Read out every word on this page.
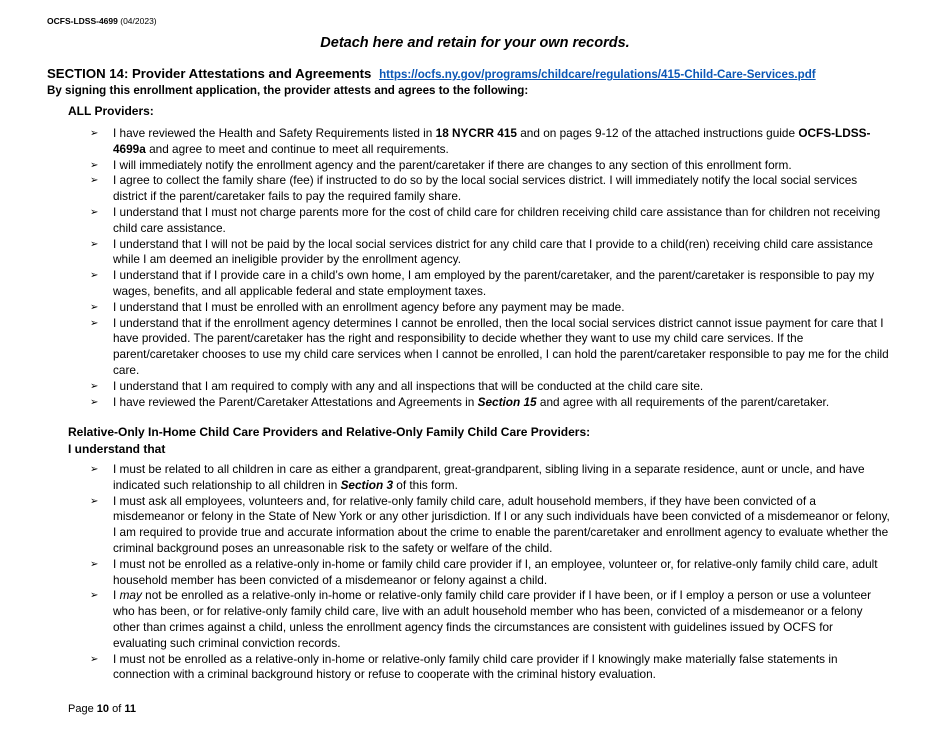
OCFS-LDSS-4699 (04/2023)
Detach here and retain for your own records.
SECTION 14: Provider Attestations and Agreements https://ocfs.ny.gov/programs/childcare/regulations/415-Child-Care-Services.pdf
By signing this enrollment application, the provider attests and agrees to the following:
ALL Providers:
➢ I have reviewed the Health and Safety Requirements listed in 18 NYCRR 415 and on pages 9-12 of the attached instructions guide OCFS-LDSS-4699a and agree to meet and continue to meet all requirements.
➢ I will immediately notify the enrollment agency and the parent/caretaker if there are changes to any section of this enrollment form.
➢ I agree to collect the family share (fee) if instructed to do so by the local social services district. I will immediately notify the local social services district if the parent/caretaker fails to pay the required family share.
➢ I understand that I must not charge parents more for the cost of child care for children receiving child care assistance than for children not receiving child care assistance.
➢ I understand that I will not be paid by the local social services district for any child care that I provide to a child(ren) receiving child care assistance while I am deemed an ineligible provider by the enrollment agency.
➢ I understand that if I provide care in a child’s own home, I am employed by the parent/caretaker, and the parent/caretaker is responsible to pay my wages, benefits, and all applicable federal and state employment taxes.
➢ I understand that I must be enrolled with an enrollment agency before any payment may be made.
➢ I understand that if the enrollment agency determines I cannot be enrolled, then the local social services district cannot issue payment for care that I have provided. The parent/caretaker has the right and responsibility to decide whether they want to use my child care services. If the parent/caretaker chooses to use my child care services when I cannot be enrolled, I can hold the parent/caretaker responsible to pay me for the child care.
➢ I understand that I am required to comply with any and all inspections that will be conducted at the child care site.
➢ I have reviewed the Parent/Caretaker Attestations and Agreements in Section 15 and agree with all requirements of the parent/caretaker.
Relative-Only In-Home Child Care Providers and Relative-Only Family Child Care Providers:
I understand that
➢ I must be related to all children in care as either a grandparent, great-grandparent, sibling living in a separate residence, aunt or uncle, and have indicated such relationship to all children in Section 3 of this form.
➢ I must ask all employees, volunteers and, for relative-only family child care, adult household members, if they have been convicted of a misdemeanor or felony in the State of New York or any other jurisdiction. If I or any such individuals have been convicted of a misdemeanor or felony, I am required to provide true and accurate information about the crime to enable the parent/caretaker and enrollment agency to evaluate whether the criminal background poses an unreasonable risk to the safety or welfare of the child.
➢ I must not be enrolled as a relative-only in-home or family child care provider if I, an employee, volunteer or, for relative-only family child care, adult household member has been convicted of a misdemeanor or felony against a child.
➢ I may not be enrolled as a relative-only in-home or relative-only family child care provider if I have been, or if I employ a person or use a volunteer who has been, or for relative-only family child care, live with an adult household member who has been, convicted of a misdemeanor or a felony other than crimes against a child, unless the enrollment agency finds the circumstances are consistent with guidelines issued by OCFS for evaluating such criminal conviction records.
➢ I must not be enrolled as a relative-only in-home or relative-only family child care provider if I knowingly make materially false statements in connection with a criminal background history or refuse to cooperate with the criminal history evaluation.
Page 10 of 11
